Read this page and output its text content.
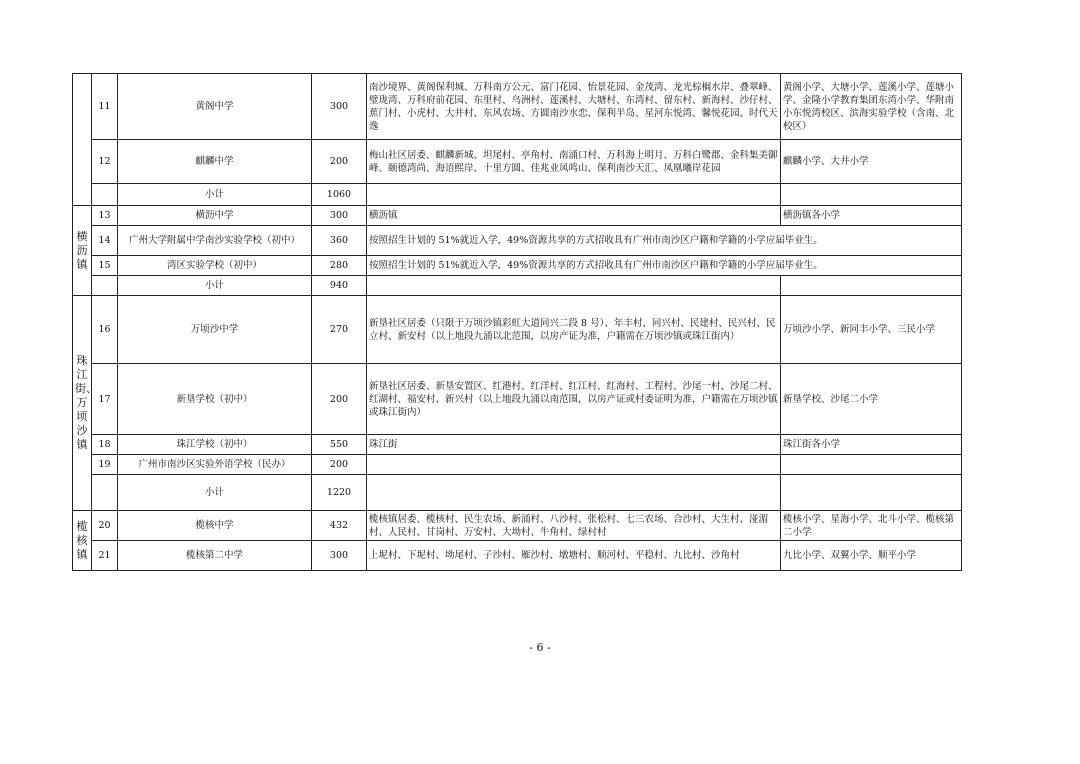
	11	黄阁中学	300	南沙境界、黄阁保利城、万科南方公元、富门花园、怡景花园、金茂湾、龙光棕榈水岸、叠翠峰、璧珑湾、万科府前花园、东里村、乌洲村、莲溪村、大塘村、东湾村、留东村、新海村、沙仔村、蕉门村、小虎村、大井村、东风农场、方圆南沙水恋、保利半岛、星河东悦湾、馨悦花园、时代天逸	黄阁小学、大塘小学、莲溪小学、莲塘小学、金隆小学教育集团东湾小学、华附南小东悦湾校区、滨海实验学校（含南、北校区）
	12	麒麟中学	200	梅山社区居委、麒麟新城、坦尾村、亭角村、南涌口村、万科海上明月、万科白鹭郡、金科集美御峰、颐德湾尚、海语熙岸、十里方圆、佳兆业凤鸣山、保利南沙天汇、凤凰曦岸花园	麒麟小学、大井小学
		小计	1060		
横沥镇	13	横沥中学	300	横沥镇	横沥镇各小学
	14	广州大学附属中学南沙实验学校（初中）	360	按照招生计划的 51%就近入学，49%资源共享的方式招收具有广州市南沙区户籍和学籍的小学应届毕业生。	
	15	湾区实验学校（初中）	280	按照招生计划的 51%就近入学，49%资源共享的方式招收具有广州市南沙区户籍和学籍的小学应届毕业生。	
		小计	940		
珠江街、万顷沙镇	16	万顷沙中学	270	新垦社区居委（只限于万顷沙镇彩虹大道同兴二段 8 号）、年丰村、同兴村、民建村、民兴村、民立村、新安村（以上地段九涌以北范围，以房产证为准，户籍需在万顷沙镇或珠江街内）	万顷沙小学、新同丰小学、三民小学
	17	新垦学校（初中）	200	新垦社区居委、新垦安置区、红港村、红洋村、红江村、红海村、工程村、沙尾一村、沙尾二村、红湖村、福安村、新兴村（以上地段九涌以南范围，以房产证或村委证明为准，户籍需在万顷沙镇或珠江街内）	新垦学校、沙尾二小学
	18	珠江学校（初中）	550	珠江街	珠江街各小学
	19	广州市南沙区实验外语学校（民办）	200		
		小计	1220		
榄核镇	20	榄核中学	432	榄核镇居委、榄核村、民生农场、新涌村、八沙村、张松村、七三农场、合沙村、大生村、湴湄村、人民村、甘岗村、万安村、大坳村、牛角村、绿村村	榄核小学、星海小学、北斗小学、榄核第二小学
	21	榄核第二中学	300	上坭村、下坭村、坳尾村、子沙村、雁沙村、墩塘村、顺河村、平稳村、九比村、沙角村	九比小学、双翼小学、顺平小学
- 6 -
